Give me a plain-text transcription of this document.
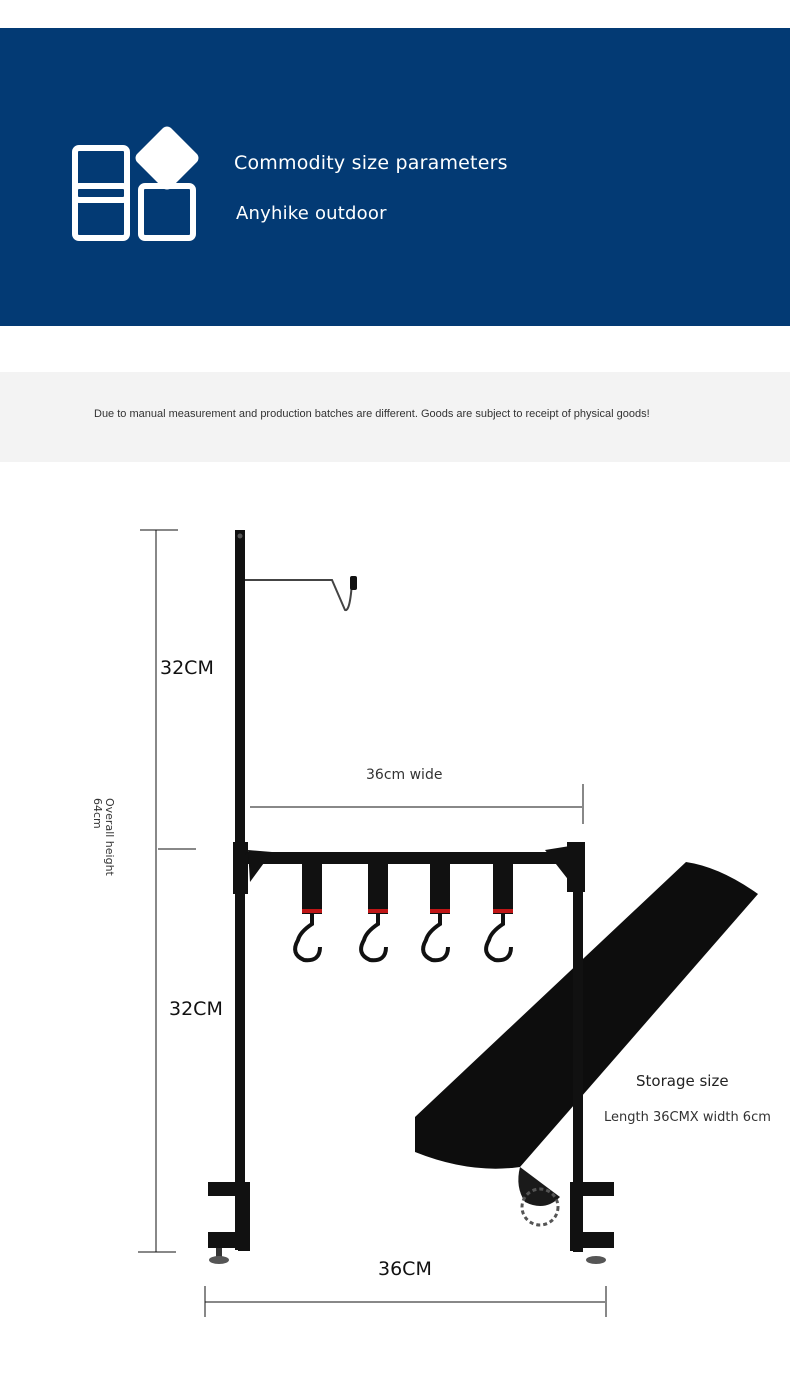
Commodity size parameters
Anyhike outdoor
Due to manual measurement and production batches are different. Goods are subject to receipt of physical goods!
32CM
32CM
Overall height
64cm
36cm wide
36CM
Storage size
Length 36CMX width 6cm
